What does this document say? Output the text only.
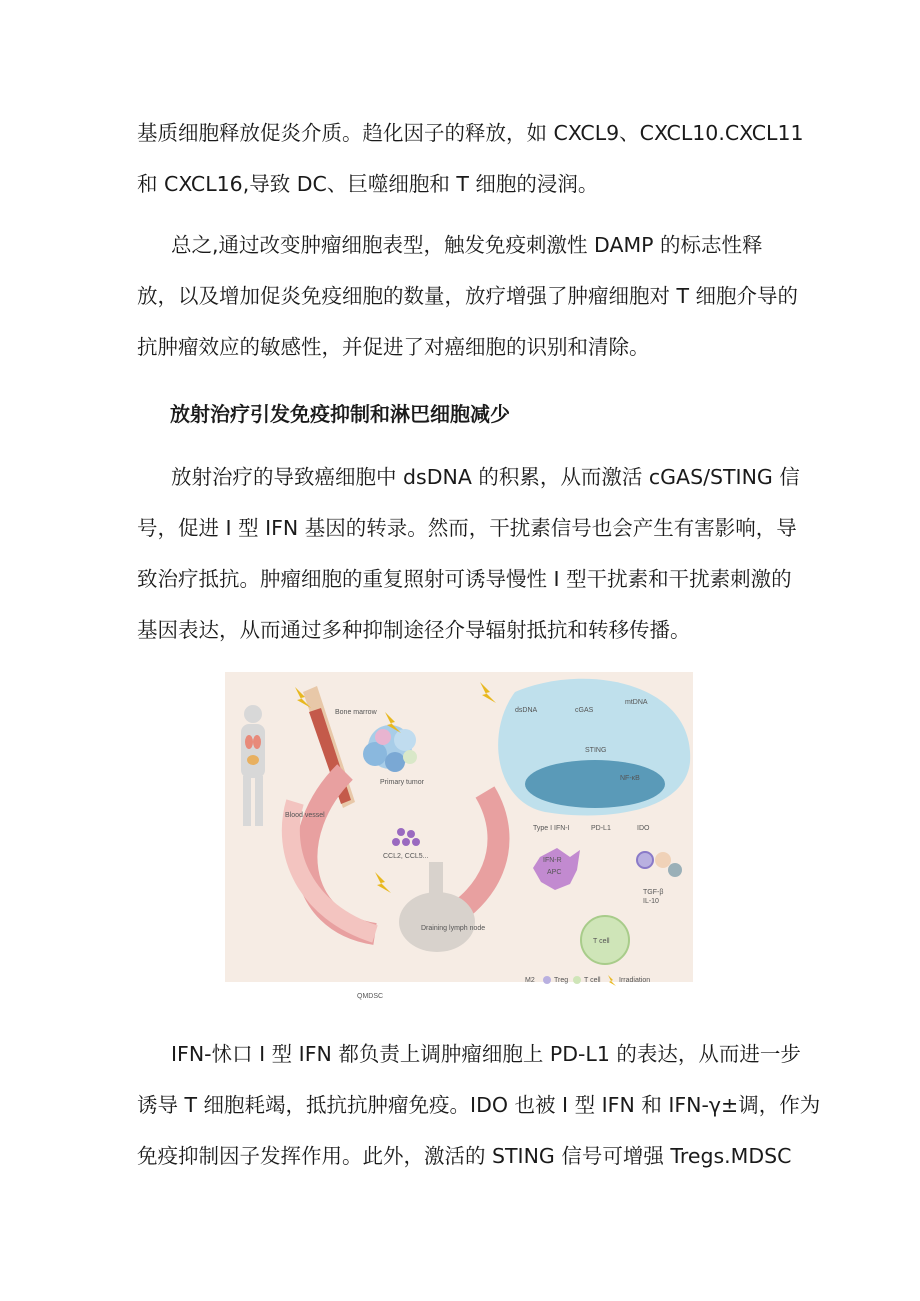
基质细胞释放促炎介质。趋化因子的释放，如 CXCL9、CXCL10.CXCL11
和 CXCL16,导致 DC、巨噬细胞和 T 细胞的浸润。

总之,通过改变肿瘤细胞表型，触发免疫刺激性 DAMP 的标志性释
放，以及增加促炎免疫细胞的数量，放疗增强了肿瘤细胞对 T 细胞介导的
抗肿瘤效应的敏感性，并促进了对癌细胞的识别和清除。

放射治疗引发免疫抑制和淋巴细胞减少

放射治疗的导致癌细胞中 dsDNA 的积累，从而激活 cGAS/STING 信
号，促进 I 型 IFN 基因的转录。然而，干扰素信号也会产生有害影响，导
致治疗抵抗。肿瘤细胞的重复照射可诱导慢性 I 型干扰素和干扰素刺激的
基因表达，从而通过多种抑制途径介导辐射抵抗和转移传播。

Bone marrow
Blood vessel
Primary tumor
CCL2, CCL5...
Draining lymph node
dsDNA
mtDNA
cGAS
STING
NF-κB
Type I IFN-I	PD-L1	IDO
IFN-R
APC
T cell
TGF-β
IL-10
M2	Treg T cell	Irradiation
QMDSC

IFN-怵口 I 型 IFN 都负责上调肿瘤细胞上 PD-L1 的表达，从而进一步
诱导 T 细胞耗竭，抵抗抗肿瘤免疫。IDO 也被 I 型 IFN 和 IFN-γ±调，作为
免疫抑制因子发挥作用。此外，激活的 STING 信号可增强 Tregs.MDSC
